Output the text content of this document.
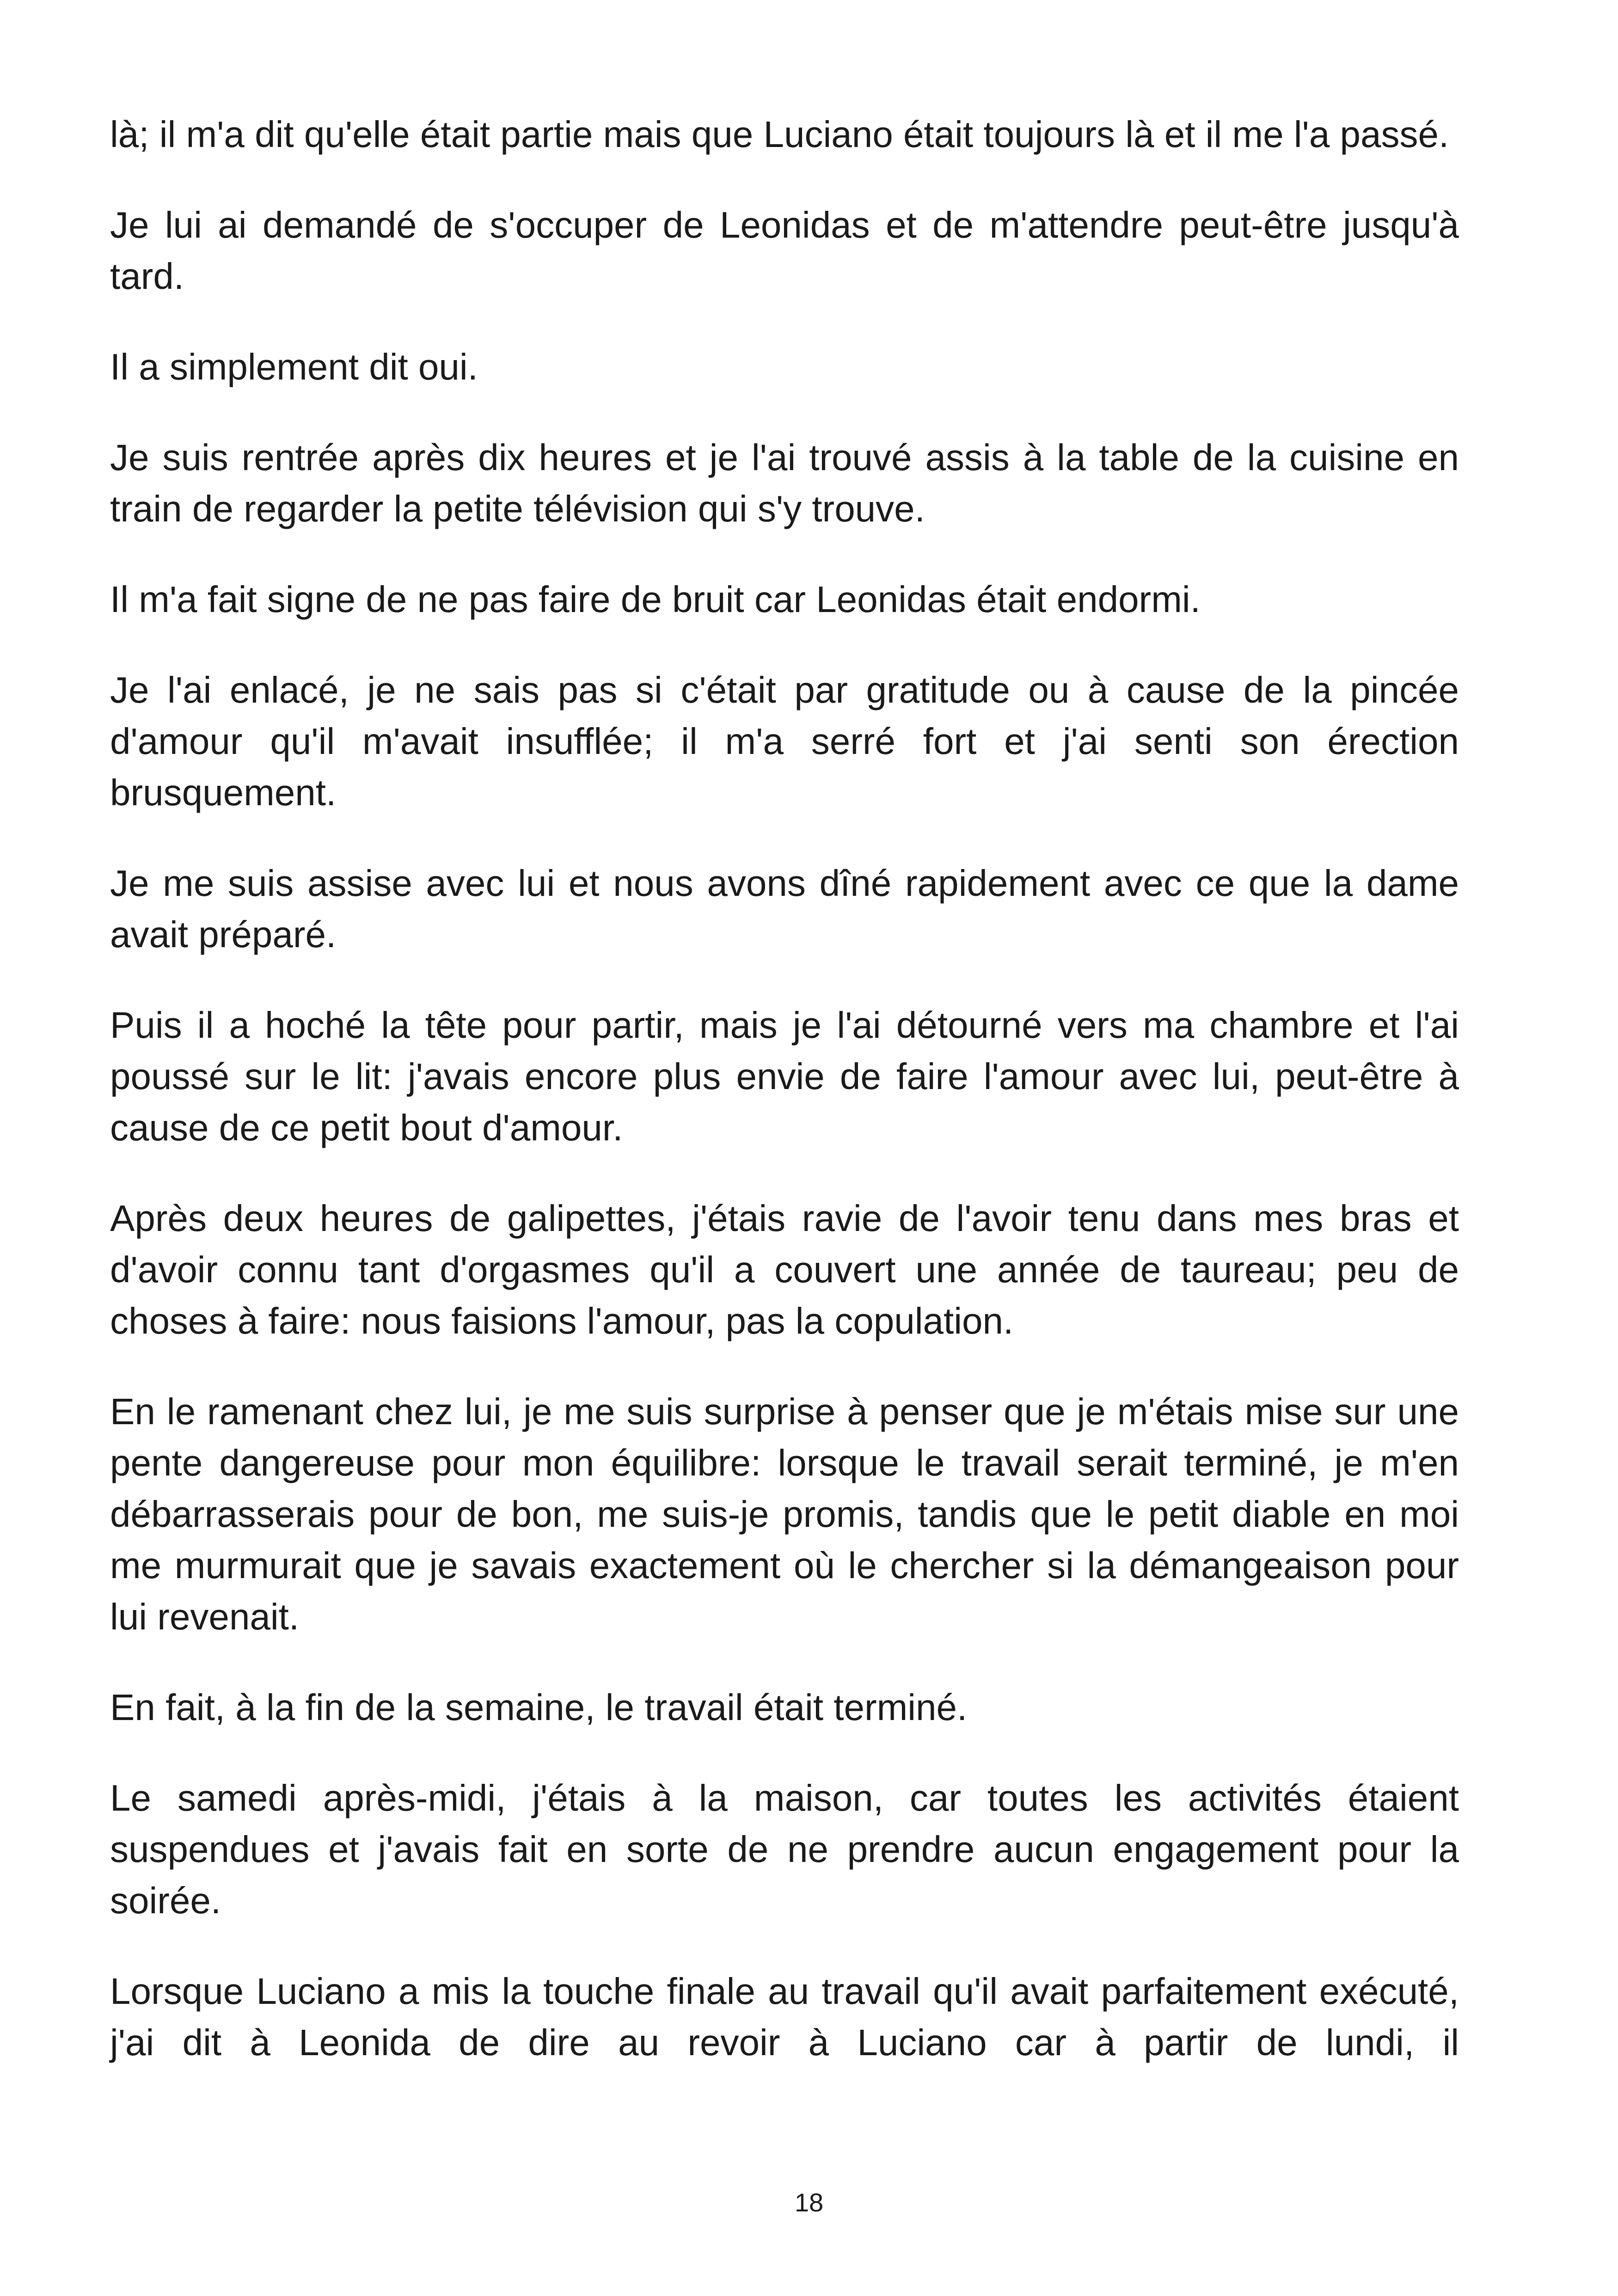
là; il m'a dit qu'elle était partie mais que Luciano était toujours là et il me l'a passé.

Je lui ai demandé de s'occuper de Leonidas et de m'attendre peut-être jusqu'à tard.

Il a simplement dit oui.

Je suis rentrée après dix heures et je l'ai trouvé assis à la table de la cuisine en train de regarder la petite télévision qui s'y trouve.

Il m'a fait signe de ne pas faire de bruit car Leonidas était endormi.

Je l'ai enlacé, je ne sais pas si c'était par gratitude ou à cause de la pincée d'amour qu'il m'avait insufflée; il m'a serré fort et j'ai senti son érection brusquement.

Je me suis assise avec lui et nous avons dîné rapidement avec ce que la dame avait préparé.

Puis il a hoché la tête pour partir, mais je l'ai détourné vers ma chambre et l'ai poussé sur le lit: j'avais encore plus envie de faire l'amour avec lui, peut-être à cause de ce petit bout d'amour.

Après deux heures de galipettes, j'étais ravie de l'avoir tenu dans mes bras et d'avoir connu tant d'orgasmes qu'il a couvert une année de taureau; peu de choses à faire: nous faisions l'amour, pas la copulation.

En le ramenant chez lui, je me suis surprise à penser que je m'étais mise sur une pente dangereuse pour mon équilibre: lorsque le travail serait terminé, je m'en débarrasserais pour de bon, me suis-je promis, tandis que le petit diable en moi me murmurait que je savais exactement où le chercher si la démangeaison pour lui revenait.

En fait, à la fin de la semaine, le travail était terminé.

Le samedi après-midi, j'étais à la maison, car toutes les activités étaient suspendues et j'avais fait en sorte de ne prendre aucun engagement pour la soirée.

Lorsque Luciano a mis la touche finale au travail qu'il avait parfaitement exécuté, j'ai dit à Leonida de dire au revoir à Luciano car à partir de lundi, il

18
